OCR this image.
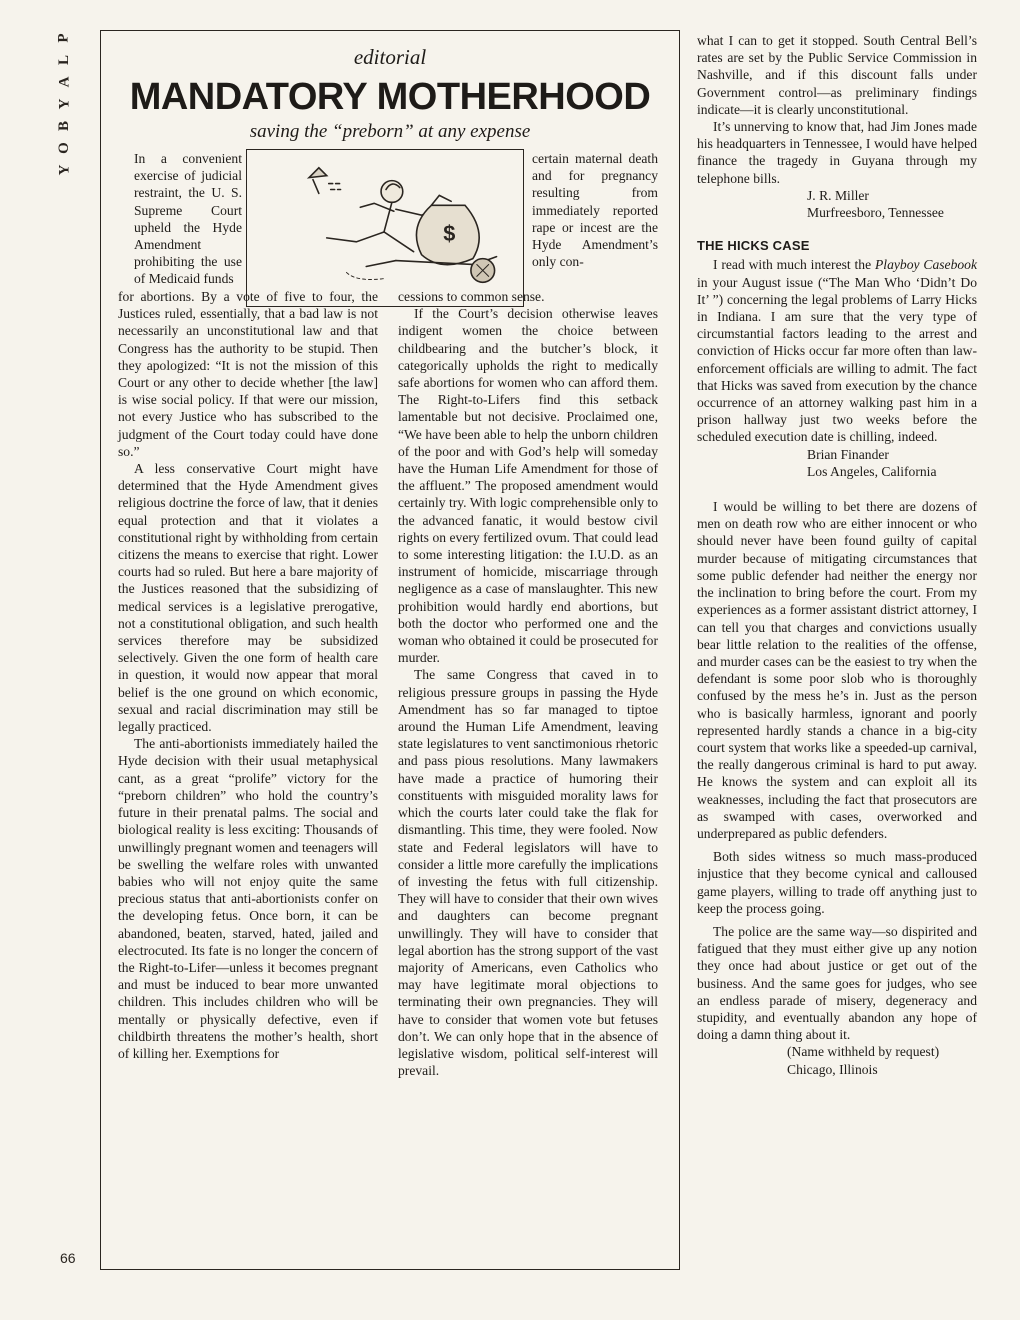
P
L
A
Y
B
O
Y
66
editorial
MANDATORY MOTHERHOOD
saving the “preborn” at any expense
$

In a convenient exercise of judicial restraint, the U. S. Supreme Court upheld the Hyde Amendment prohibiting the use of Medicaid funds

certain maternal death and for pregnancy resulting from immediately reported rape or incest are the Hyde Amendment’s only con-

for abortions. By a vote of five to four, the Justices ruled, essentially, that a bad law is not necessarily an unconstitutional law and that Congress has the authority to be stupid. Then they apologized: “It is not the mission of this Court or any other to decide whether [the law] is wise social policy. If that were our mission, not every Justice who has subscribed to the judgment of the Court today could have done so.”

A less conservative Court might have determined that the Hyde Amendment gives religious doctrine the force of law, that it denies equal protection and that it violates a constitutional right by withholding from certain citizens the means to exercise that right. Lower courts had so ruled. But here a bare majority of the Justices reasoned that the subsidizing of medical services is a legislative prerogative, not a constitutional obligation, and such health services therefore may be subsidized selectively. Given the one form of health care in question, it would now appear that moral belief is the one ground on which economic, sexual and racial discrimination may still be legally practiced.

The anti-abortionists immediately hailed the Hyde decision with their usual metaphysical cant, as a great “prolife” victory for the “preborn children” who hold the country’s future in their prenatal palms. The social and biological reality is less exciting: Thousands of unwillingly pregnant women and teenagers will be swelling the welfare roles with unwanted babies who will not enjoy quite the same precious status that anti-abortionists confer on the developing fetus. Once born, it can be abandoned, beaten, starved, hated, jailed and electrocuted. Its fate is no longer the concern of the Right-to-Lifer—unless it becomes pregnant and must be induced to bear more unwanted children. This includes children who will be mentally or physically defective, even if childbirth threatens the mother’s health, short of killing her. Exemptions for

cessions to common sense.

If the Court’s decision otherwise leaves indigent women the choice between childbearing and the butcher’s block, it categorically upholds the right to medically safe abortions for women who can afford them. The Right-to-Lifers find this setback lamentable but not decisive. Proclaimed one, “We have been able to help the unborn children of the poor and with God’s help will someday have the Human Life Amendment for those of the affluent.” The proposed amendment would certainly try. With logic comprehensible only to the advanced fanatic, it would bestow civil rights on every fertilized ovum. That could lead to some interesting litigation: the I.U.D. as an instrument of homicide, miscarriage through negligence as a case of manslaughter. This new prohibition would hardly end abortions, but both the doctor who performed one and the woman who obtained it could be prosecuted for murder.

The same Congress that caved in to religious pressure groups in passing the Hyde Amendment has so far managed to tiptoe around the Human Life Amendment, leaving state legislatures to vent sanctimonious rhetoric and pass pious resolutions. Many lawmakers have made a practice of humoring their constituents with misguided morality laws for which the courts later could take the flak for dismantling. This time, they were fooled. Now state and Federal legislators will have to consider a little more carefully the implications of investing the fetus with full citizenship. They will have to consider that their own wives and daughters can become pregnant unwillingly. They will have to consider that legal abortion has the strong support of the vast majority of Americans, even Catholics who may have legitimate moral objections to terminating their own pregnancies. They will have to consider that women vote but fetuses don’t. We can only hope that in the absence of legislative wisdom, political self-interest will prevail.

what I can to get it stopped. South Central Bell’s rates are set by the Public Service Commission in Nashville, and if this discount falls under Government control—as preliminary findings indicate—it is clearly unconstitutional.

It’s unnerving to know that, had Jim Jones made his headquarters in Tennessee, I would have helped finance the tragedy in Guyana through my telephone bills.

J. R. Miller

Murfreesboro, Tennessee

THE HICKS CASE

I read with much interest the Playboy Casebook in your August issue (“The Man Who ‘Didn’t Do It’ ”) concerning the legal problems of Larry Hicks in Indiana. I am sure that the very type of circumstantial factors leading to the arrest and conviction of Hicks occur far more often than law-enforcement officials are willing to admit. The fact that Hicks was saved from execution by the chance occurrence of an attorney walking past him in a prison hallway just two weeks before the scheduled execution date is chilling, indeed.

Brian Finander

Los Angeles, California

I would be willing to bet there are dozens of men on death row who are either innocent or who should never have been found guilty of capital murder because of mitigating circumstances that some public defender had neither the energy nor the inclination to bring before the court. From my experiences as a former assistant district attorney, I can tell you that charges and convictions usually bear little relation to the realities of the offense, and murder cases can be the easiest to try when the defendant is some poor slob who is thoroughly confused by the mess he’s in. Just as the person who is basically harmless, ignorant and poorly represented hardly stands a chance in a big-city court system that works like a speeded-up carnival, the really dangerous criminal is hard to put away. He knows the system and can exploit all its weaknesses, including the fact that prosecutors are as swamped with cases, overworked and underprepared as public defenders.

Both sides witness so much mass-produced injustice that they become cynical and calloused game players, willing to trade off anything just to keep the process going.

The police are the same way—so dispirited and fatigued that they must either give up any notion they once had about justice or get out of the business. And the same goes for judges, who see an endless parade of misery, degeneracy and stupidity, and eventually abandon any hope of doing a damn thing about it.

(Name withheld by request)

Chicago, Illinois
